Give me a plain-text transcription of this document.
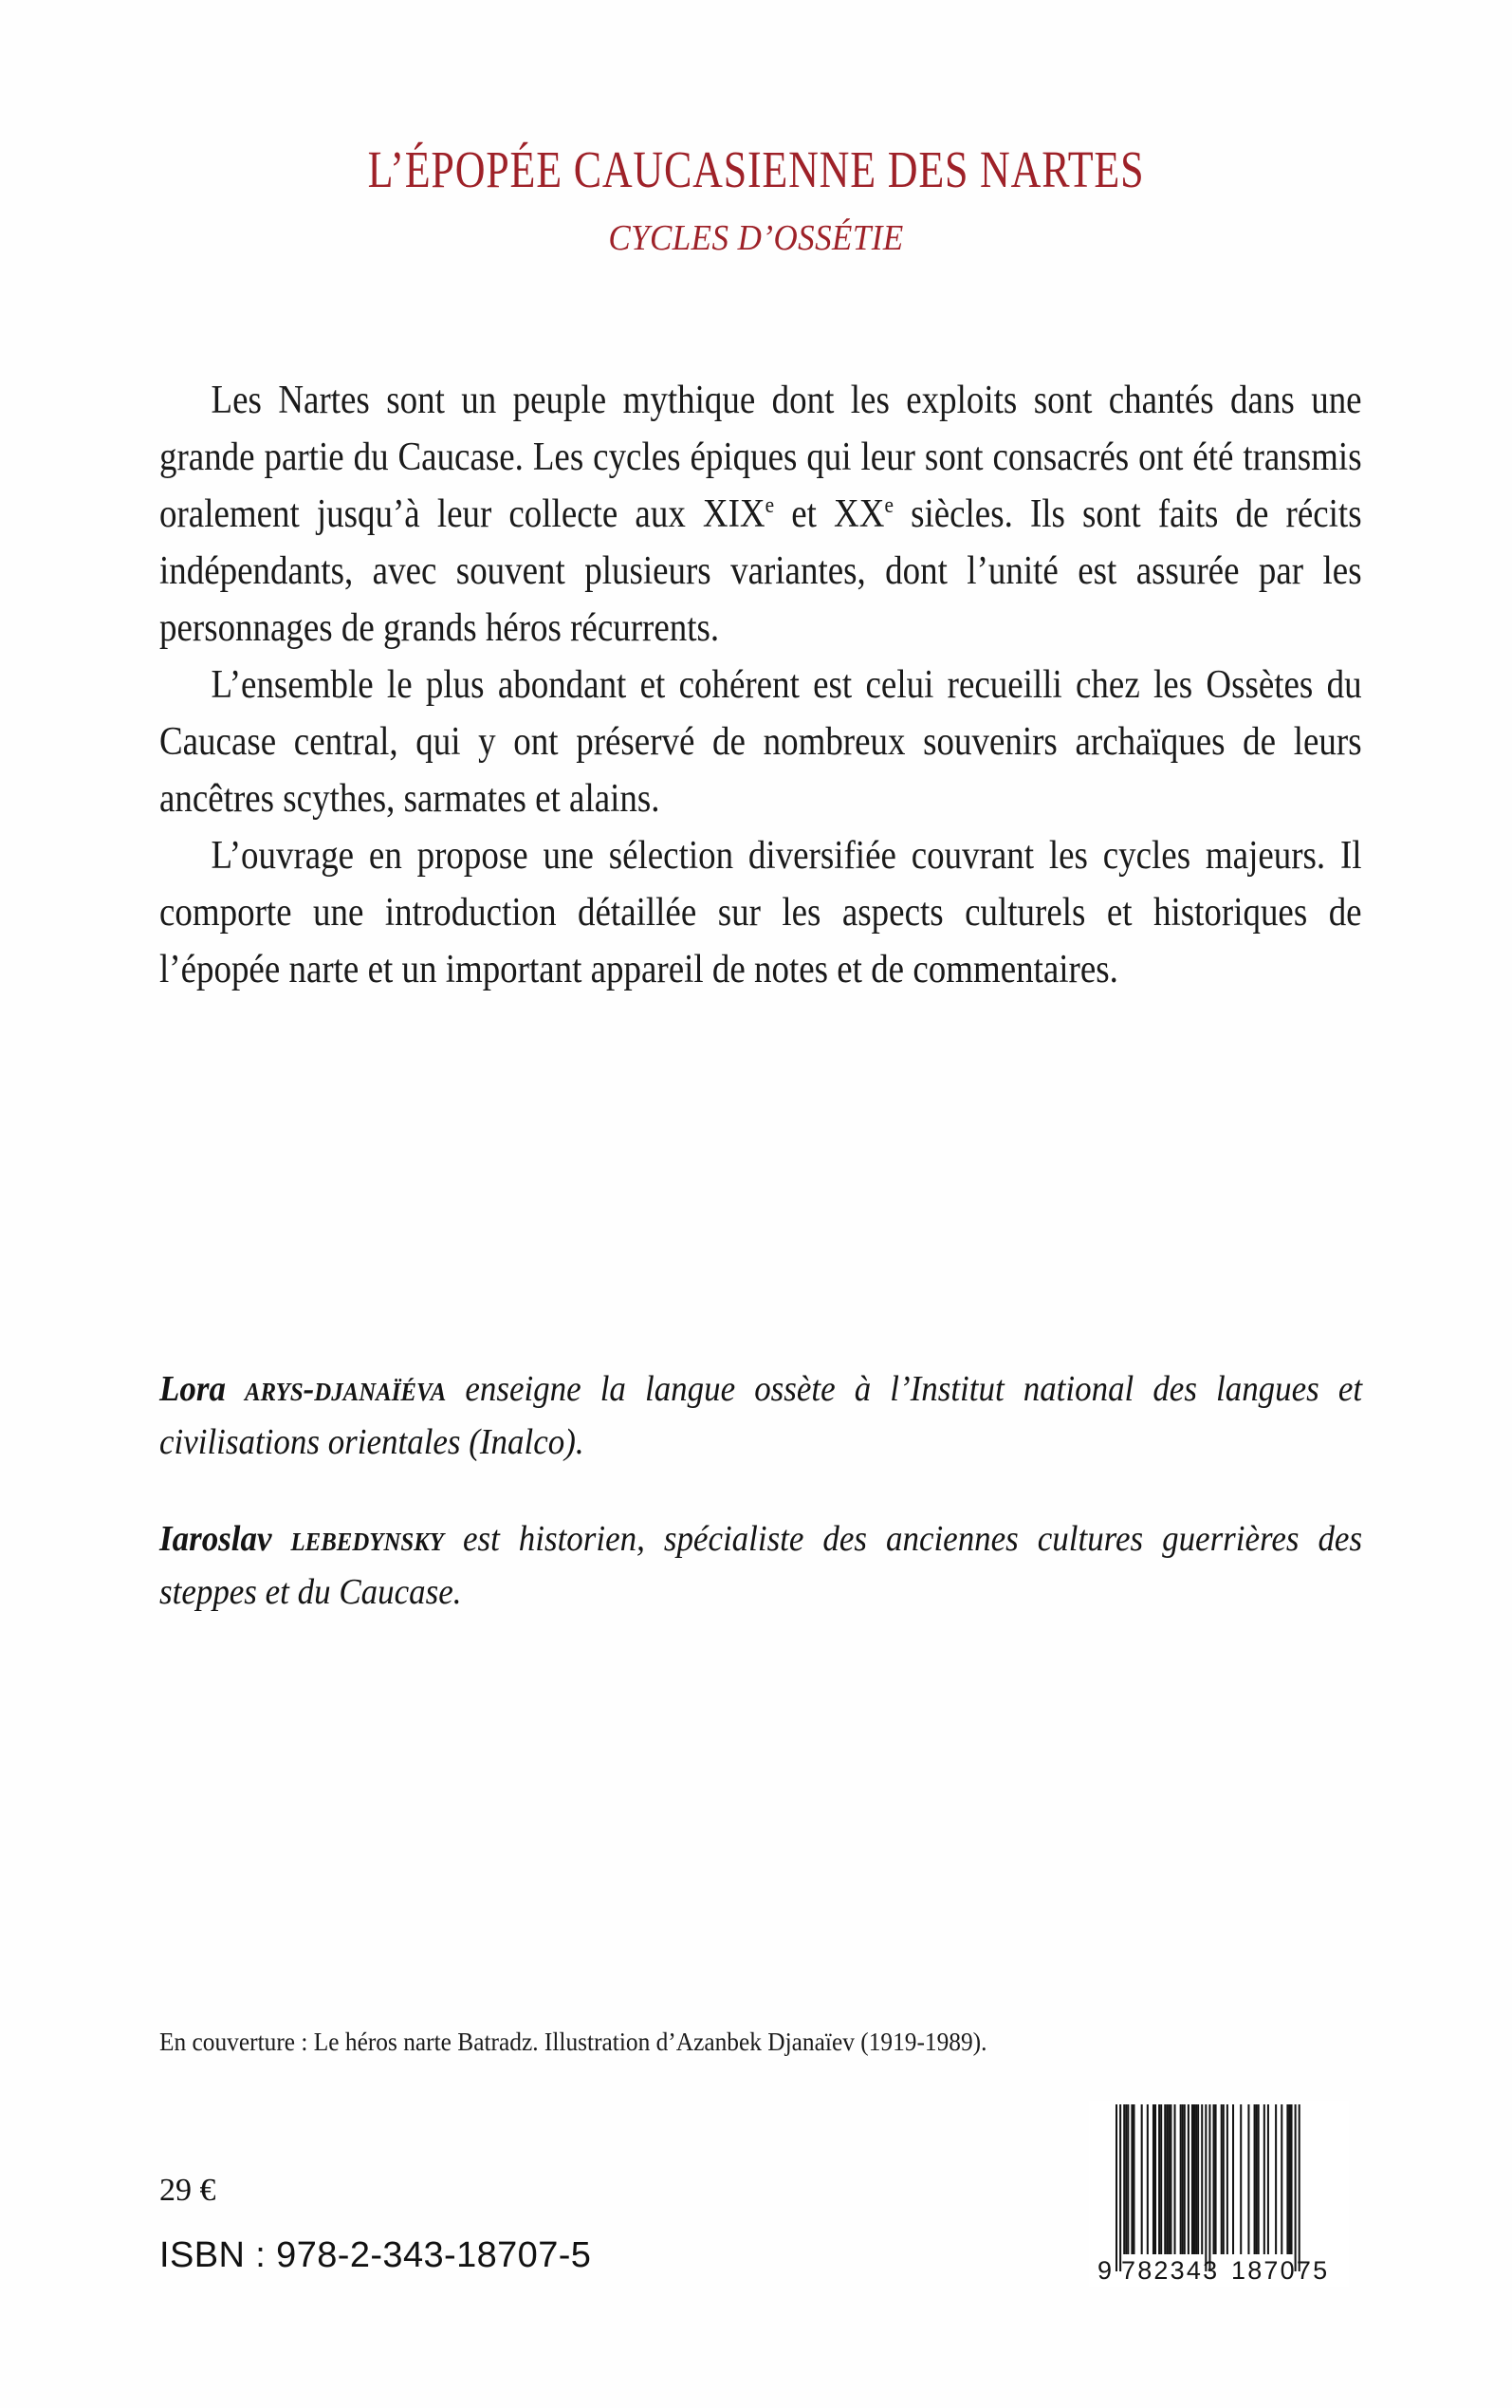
L’ÉPOPÉE CAUCASIENNE DES NARTES
CYCLES D’OSSÉTIE

Les Nartes sont un peuple mythique dont les exploits sont chantés dans une grande partie du Caucase. Les cycles épiques qui leur sont consacrés ont été transmis oralement jusqu’à leur collecte aux XIXe et XXe siècles. Ils sont faits de récits indépendants, avec souvent plusieurs variantes, dont l’unité est assurée par les personnages de grands héros récurrents.

L’ensemble le plus abondant et cohérent est celui recueilli chez les Ossètes du Caucase central, qui y ont préservé de nombreux souvenirs archaïques de leurs ancêtres scythes, sarmates et alains.

L’ouvrage en propose une sélection diversifiée couvrant les cycles majeurs. Il comporte une introduction détaillée sur les aspects culturels et historiques de l’épopée narte et un important appareil de notes et de commentaires.

Lora arys-djanaïéva enseigne la langue ossète à l’Institut national des langues et civilisations orientales (Inalco).

Iaroslav lebedynsky est historien, spécialiste des anciennes cultures guerrières des steppes et du Caucase.

En couverture : Le héros narte Batradz. Illustration d’Azanbek Djanaïev (1919-1989).
29 €
ISBN : 978-2-343-18707-5	9 782343 187075
